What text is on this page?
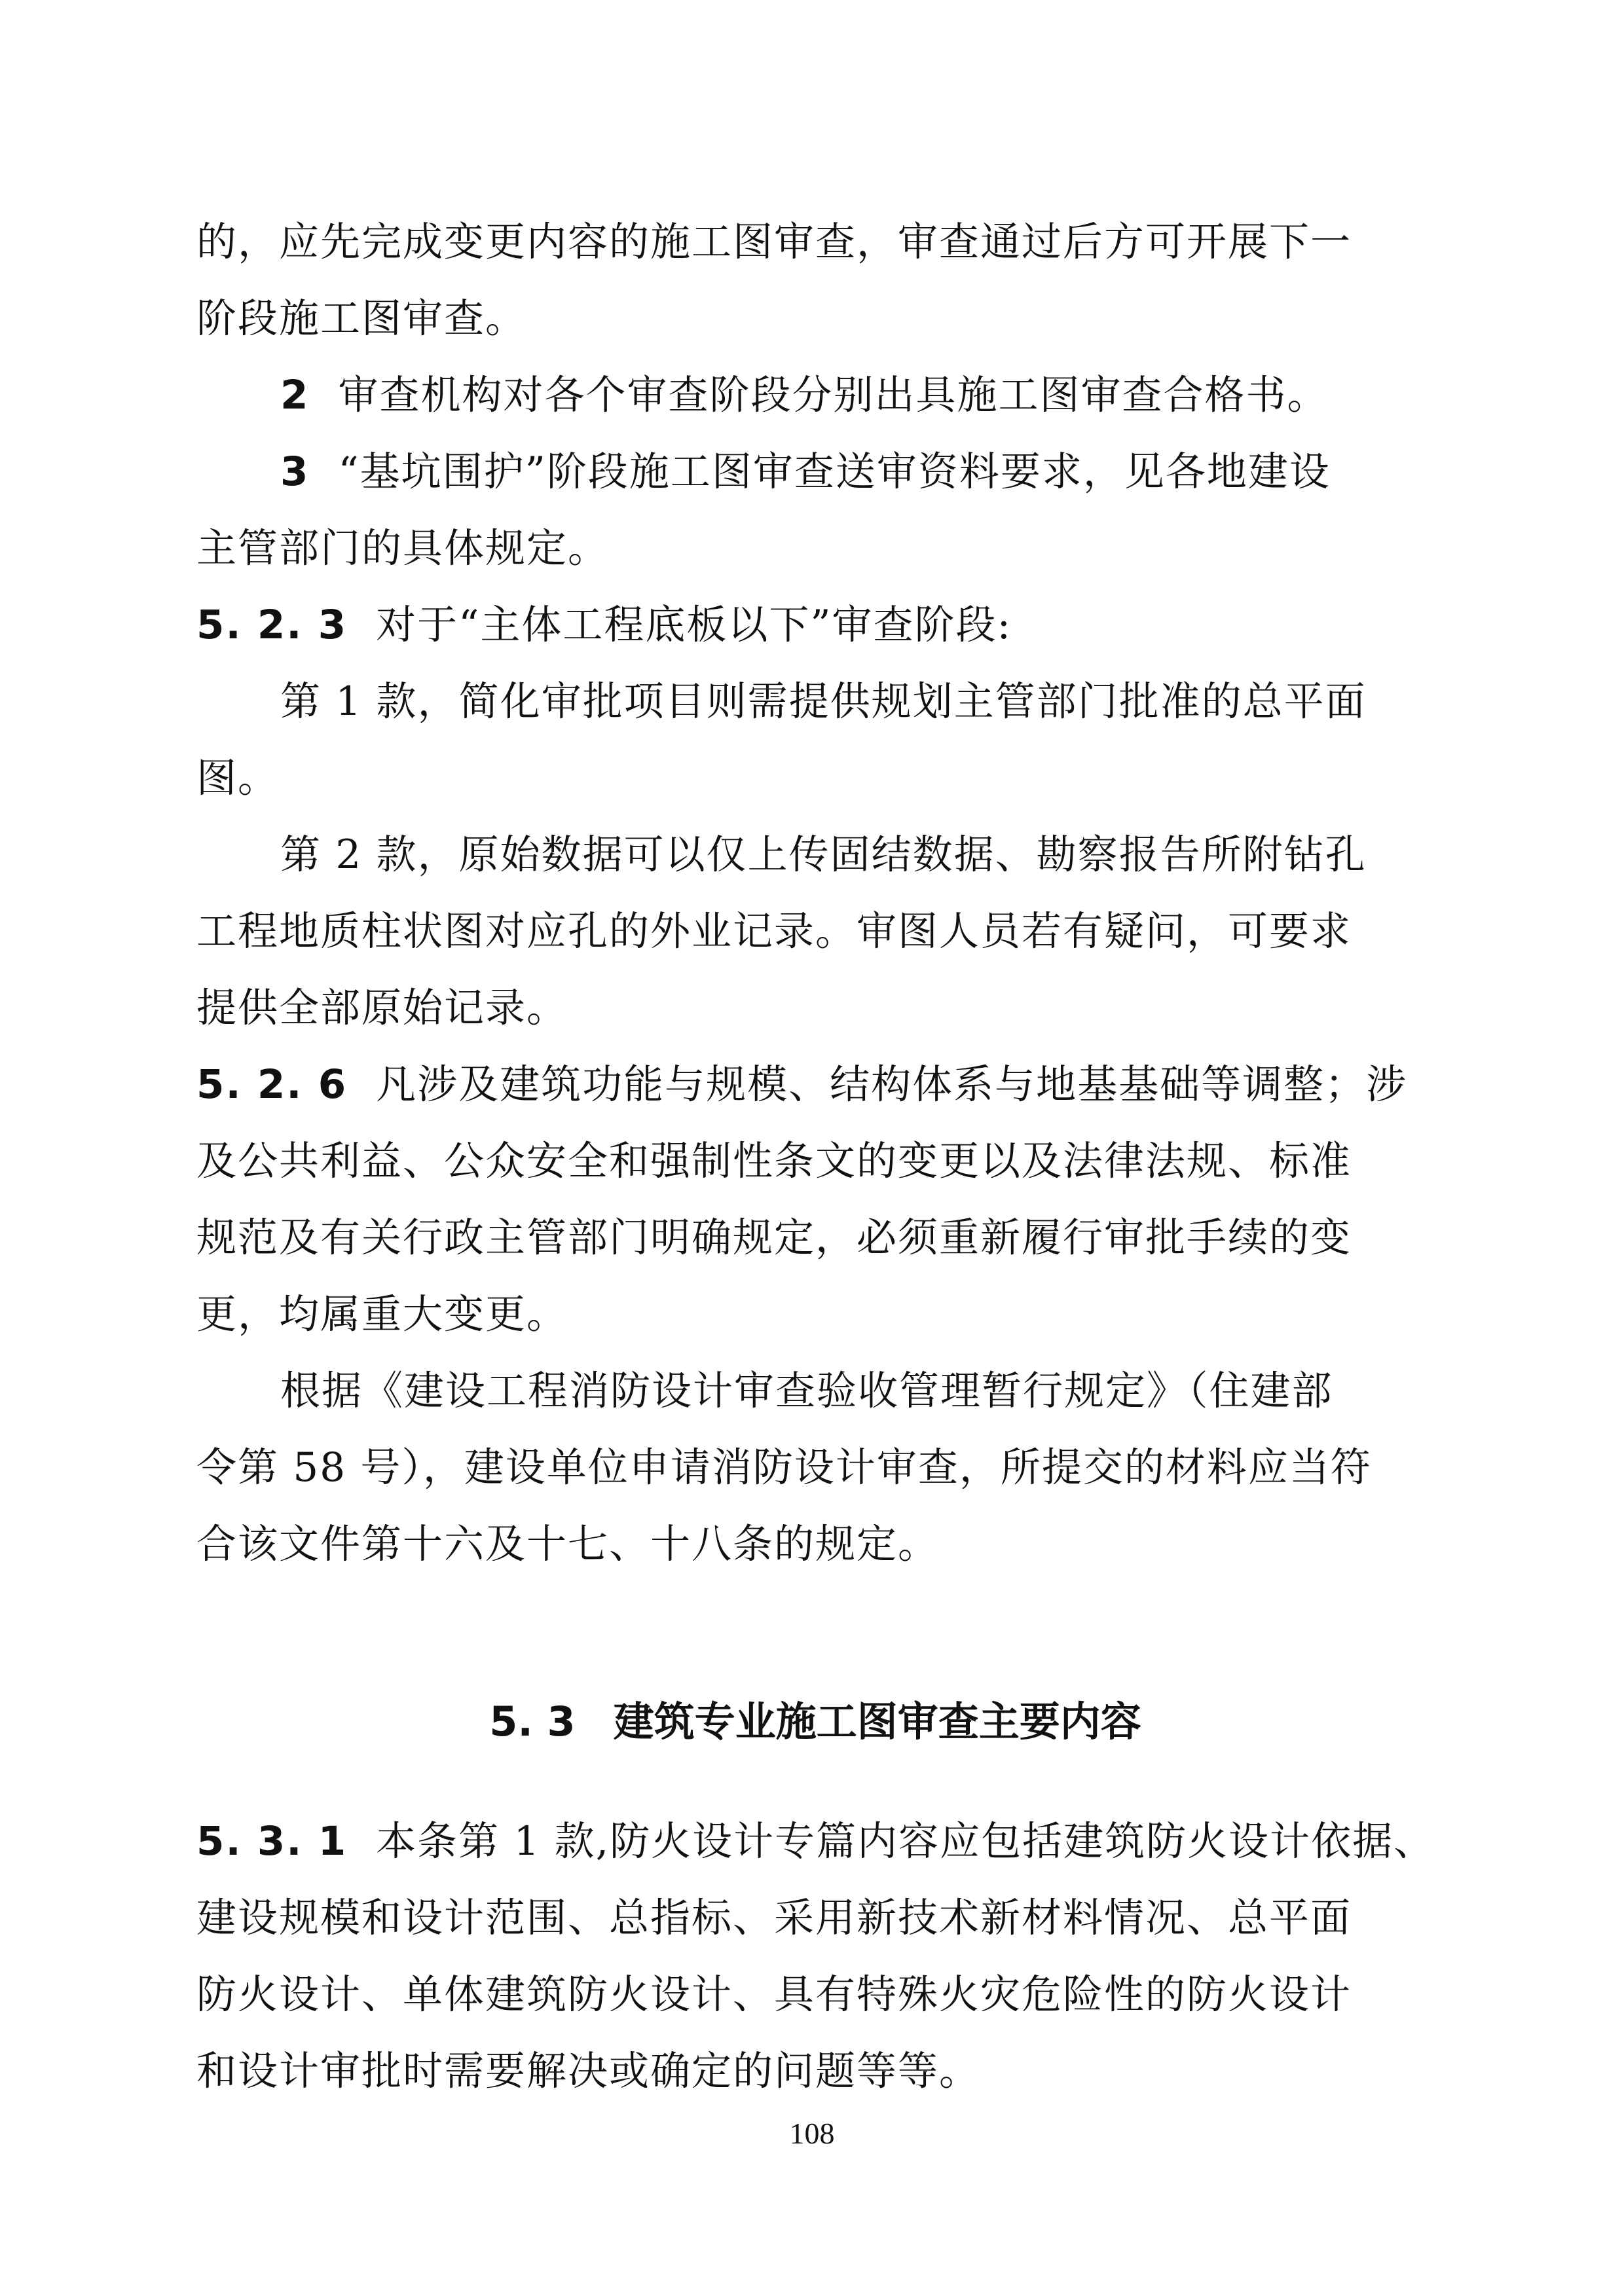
的，应先完成变更内容的施工图审查，审查通过后方可开展下一
阶段施工图审查。
2 审查机构对各个审查阶段分别出具施工图审查合格书。
3 “基坑围护”阶段施工图审查送审资料要求，见各地建设
主管部门的具体规定。
5. 2. 3 对于“主体工程底板以下”审查阶段:
第 1 款，简化审批项目则需提供规划主管部门批准的总平面
图。
第 2 款，原始数据可以仅上传固结数据、勘察报告所附钻孔
工程地质柱状图对应孔的外业记录。审图人员若有疑问，可要求
提供全部原始记录。
5. 2. 6 凡涉及建筑功能与规模、结构体系与地基基础等调整；涉
及公共利益、公众安全和强制性条文的变更以及法律法规、标准
规范及有关行政主管部门明确规定，必须重新履行审批手续的变
更，均属重大变更。
根据《建设工程消防设计审查验收管理暂行规定》（住建部
令第 58 号），建设单位申请消防设计审查，所提交的材料应当符
合该文件第十六及十七、十八条的规定。
5. 3 建筑专业施工图审查主要内容
5. 3. 1 本条第 1 款,防火设计专篇内容应包括建筑防火设计依据、
建设规模和设计范围、总指标、采用新技术新材料情况、总平面
防火设计、单体建筑防火设计、具有特殊火灾危险性的防火设计
和设计审批时需要解决或确定的问题等等。
108
